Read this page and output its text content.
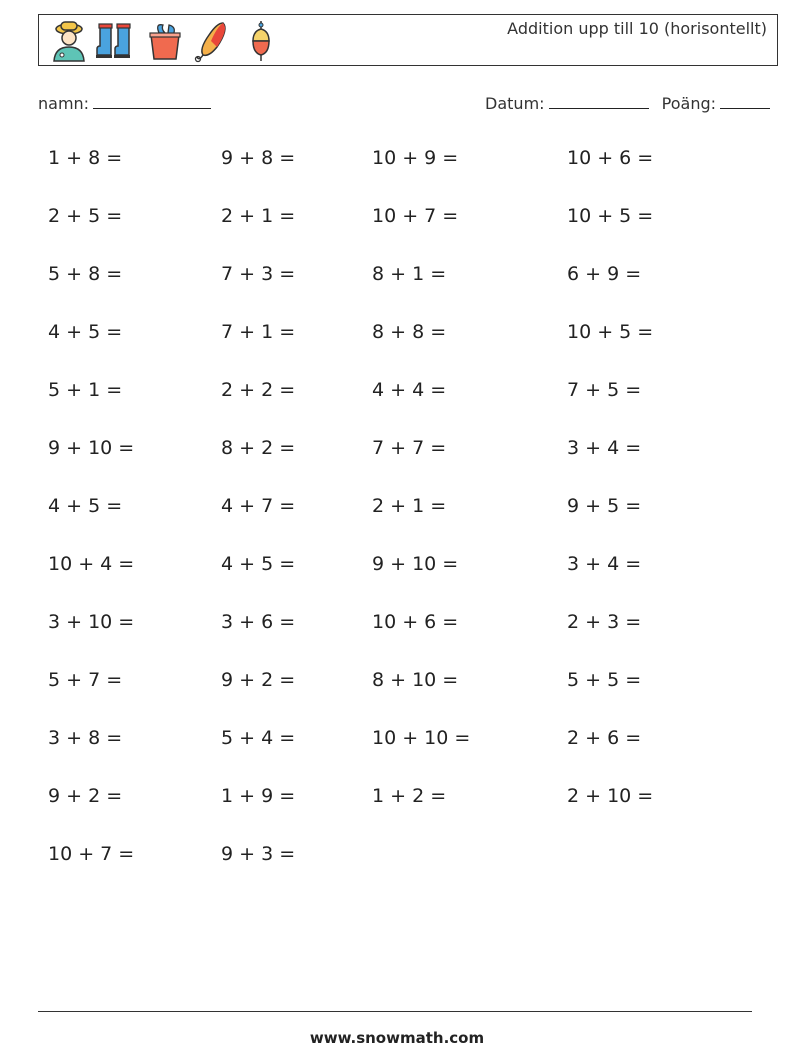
Addition upp till 10 (horisontellt)
namn:	Datum:	Poäng:
1 + 8 =	9 + 8 =	10 + 9 =	10 + 6 =
2 + 5 =	2 + 1 =	10 + 7 =	10 + 5 =
5 + 8 =	7 + 3 =	8 + 1 =	6 + 9 =
4 + 5 =	7 + 1 =	8 + 8 =	10 + 5 =
5 + 1 =	2 + 2 =	4 + 4 =	7 + 5 =
9 + 10 =	8 + 2 =	7 + 7 =	3 + 4 =
4 + 5 =	4 + 7 =	2 + 1 =	9 + 5 =
10 + 4 =	4 + 5 =	9 + 10 =	3 + 4 =
3 + 10 =	3 + 6 =	10 + 6 =	2 + 3 =
5 + 7 =	9 + 2 =	8 + 10 =	5 + 5 =
3 + 8 =	5 + 4 =	10 + 10 =	2 + 6 =
9 + 2 =	1 + 9 =	1 + 2 =	2 + 10 =
10 + 7 =	9 + 3 =
www.snowmath.com
